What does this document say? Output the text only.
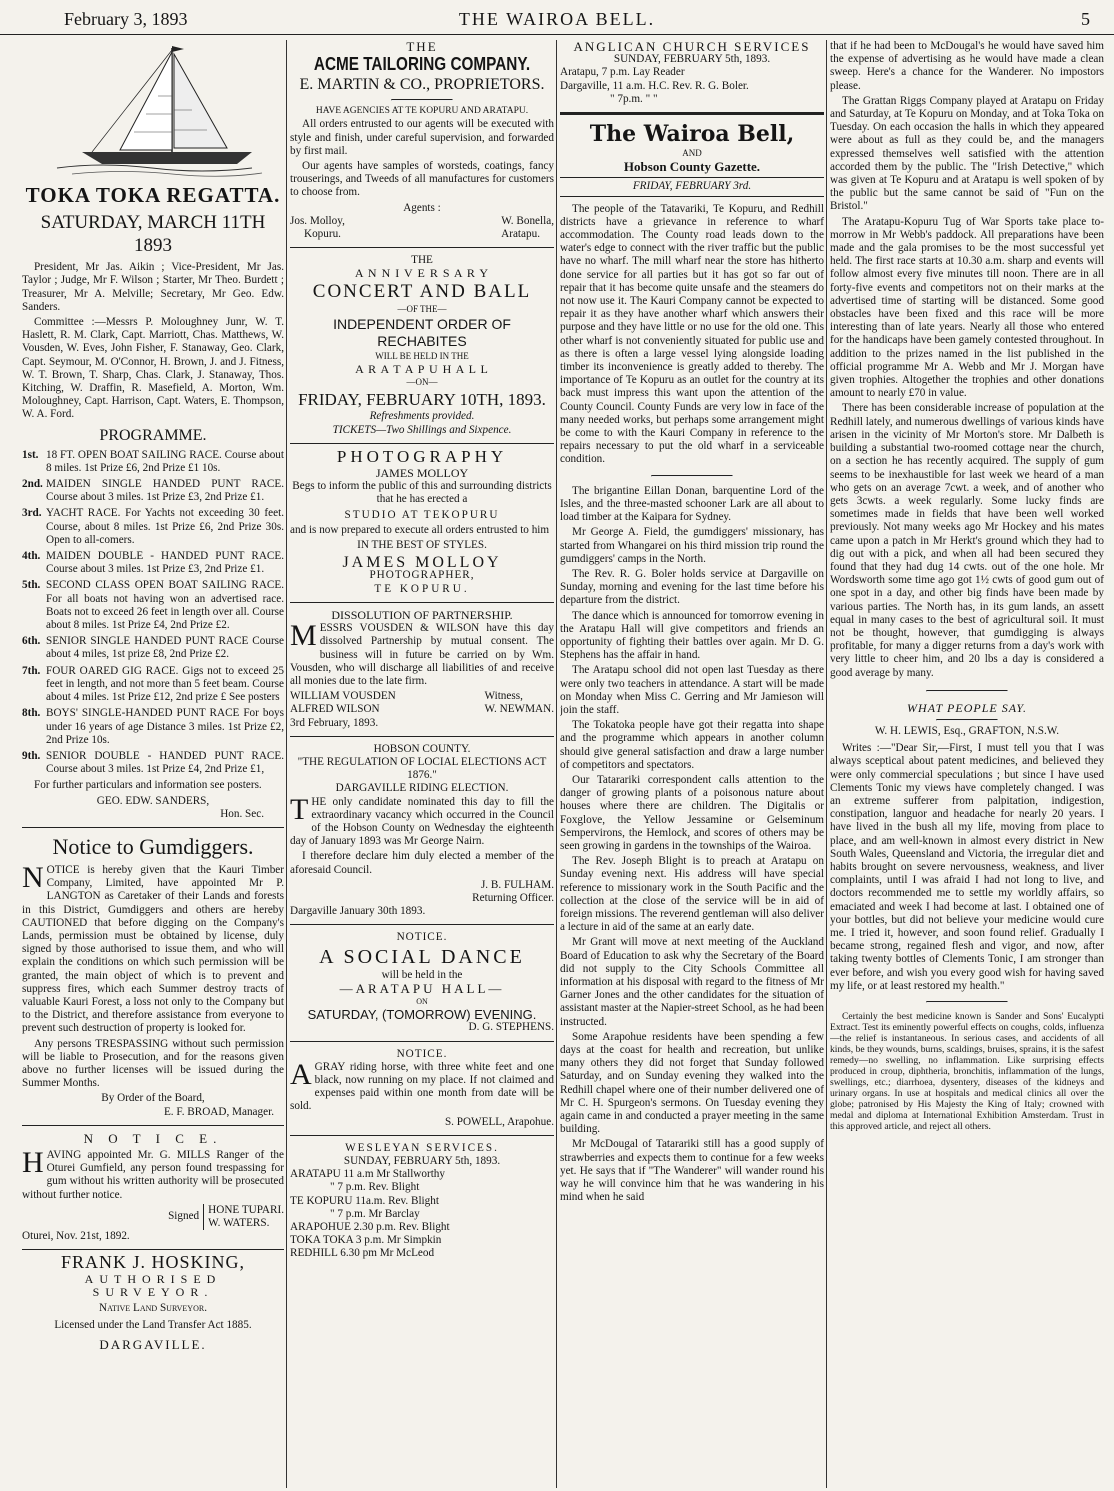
February 3, 1893	THE WAIROA BELL.	5
TOKA TOKA REGATTA.
SATURDAY, MARCH 11TH 1893

President, Mr Jas. Aikin ; Vice-President, Mr Jas. Taylor ; Judge, Mr F. Wilson ; Starter, Mr Theo. Burdett ; Treasurer, Mr A. Melville; Secretary, Mr Geo. Edw. Sanders.

Committee :—Messrs P. Moloughney Junr, W. T. Haslett, R. M. Clark, Capt. Marriott, Chas. Matthews, W. Vousden, W. Eves, John Fisher, F. Stanaway, Geo. Clark, Capt. Seymour, M. O'Connor, H. Brown, J. and J. Fitness, W. T. Brown, T. Sharp, Chas. Clark, J. Stanaway, Thos. Kitching, W. Draffin, R. Masefield, A. Morton, Wm. Moloughney, Capt. Harrison, Capt. Waters, E. Thompson, W. A. Ford.

PROGRAMME.
1st. 18 FT. OPEN BOAT SAILING RACE. Course about 8 miles. 1st Prize £6, 2nd Prize £1 10s.
2nd. MAIDEN SINGLE HANDED PUNT RACE. Course about 3 miles. 1st Prize £3, 2nd Prize £1.
3rd. YACHT RACE. For Yachts not exceeding 30 feet. Course, about 8 miles. 1st Prize £6, 2nd Prize 30s. Open to all-comers.
4th. MAIDEN DOUBLE - HANDED PUNT RACE. Course about 3 miles. 1st Prize £3, 2nd Prize £1.
5th. SECOND CLASS OPEN BOAT SAILING RACE. For all boats not having won an advertised race. Boats not to exceed 26 feet in length over all. Course about 8 miles. 1st Prize £4, 2nd Prize £2.
6th. SENIOR SINGLE HANDED PUNT RACE Course about 4 miles, 1st prize £8, 2nd Prize £2.
7th. FOUR OARED GIG RACE. Gigs not to exceed 25 feet in length, and not more than 5 feet beam. Course about 4 miles. 1st Prize £12, 2nd prize £ See posters
8th. BOYS' SINGLE-HANDED PUNT RACE For boys under 16 years of age Distance 3 miles. 1st Prize £2, 2nd Prize 10s.
9th. SENIOR DOUBLE - HANDED PUNT RACE. Course about 3 miles. 1st Prize £4, 2nd Prize £1,

For further particulars and information see posters.

GEO. EDW. SANDERS,
Hon. Sec.
Notice to Gumdiggers.

NOTICE is hereby given that the Kauri Timber Company, Limited, have appointed Mr P. LANGTON as Caretaker of their Lands and forests in this District, Gumdiggers and others are hereby CAUTIONED that before digging on the Company's Lands, permission must be obtained by license, duly signed by those authorised to issue them, and who will explain the conditions on which such permission will be granted, the main object of which is to prevent and suppress fires, which each Summer destroy tracts of valuable Kauri Forest, a loss not only to the Company but to the District, and therefore assistance from everyone to prevent such destruction of property is looked for.

Any persons TRESPASSING without such permission will be liable to Prosecution, and for the reasons given above no further licenses will be issued during the Summer Months.

By Order of the Board,
E. F. BROAD, Manager.
N O T I C E.

HAVING appointed Mr. G. MILLS Ranger of the Oturei Gumfield, any person found trespassing for gum without his written authority will be prosecuted without further notice.

Signed
HONE TUPARI.
W. WATERS.
Oturei, Nov. 21st, 1892.
FRANK J. HOSKING,
AUTHORISED SURVEYOR.
Native Land Surveyor.
Licensed under the Land Transfer Act 1885.
DARGAVILLE.
THE
ACME TAILORING COMPANY.
E. MARTIN & CO., PROPRIETORS.
HAVE AGENCIES AT TE KOPURU AND ARATAPU.

All orders entrusted to our agents will be executed with style and finish, under careful supervision, and forwarded by first mail.

Our agents have samples of worsteds, coatings, fancy trouserings, and Tweeds of all manufactures for customers to choose from.

Agents :
Jos. Molloy,	W. Bonella,
Kopuru.	Aratapu.
THE
A N N I V E R S A R Y
CONCERT AND BALL
—OF THE—
INDEPENDENT ORDER OF RECHABITES
WILL BE HELD IN THE
A R A T A P U H A L L
—ON—
FRIDAY, FEBRUARY 10TH, 1893.
Refreshments provided.
TICKETS—Two Shillings and Sixpence.
PHOTOGRAPHY
JAMES MOLLOY
Begs to inform the public of this and surrounding districts that he has erected a
STUDIO AT TEKOPURU

and is now prepared to execute all orders entrusted to him

IN THE BEST OF STYLES.
JAMES MOLLOY
PHOTOGRAPHER,
TE KOPURU.
DISSOLUTION OF PARTNERSHIP.

MESSRS VOUSDEN & WILSON have this day dissolved Partnership by mutual consent. The business will in future be carried on by Wm. Vousden, who will discharge all liabilities of and receive all monies due to the late firm.

WILLIAM VOUSDEN
ALFRED WILSON
Witness,
W. NEWMAN.
3rd February, 1893.
HOBSON COUNTY.
"THE REGULATION OF LOCIAL ELECTIONS ACT 1876."
DARGAVILLE RIDING ELECTION.

THE only candidate nominated this day to fill the extraordinary vacancy which occurred in the Council of the Hobson County on Wednesday the eighteenth day of January 1893 was Mr George Nairn.

I therefore declare him duly elected a member of the aforesaid Council.

J. B. FULHAM.
Returning Officer.
Dargaville January 30th 1893.
NOTICE.
A SOCIAL DANCE
will be held in the
—ARATAPU HALL—
ON
SATURDAY, (TOMORROW) EVENING.
D. G. STEPHENS.
NOTICE.

AGRAY riding horse, with three white feet and one black, now running on my place. If not claimed and expenses paid within one month from date will be sold.

S. POWELL, Arapohue.
WESLEYAN SERVICES.
SUNDAY, FEBRUARY 5th, 1893.
ARATAPU 11 a.m Mr Stallworthy
" 7 p.m. Rev. Blight
TE KOPURU 11a.m. Rev. Blight
" 7 p.m. Mr Barclay
ARAPOHUE 2.30 p.m. Rev. Blight
TOKA TOKA 3 p.m. Mr Simpkin
REDHILL 6.30 pm Mr McLeod
ANGLICAN CHURCH SERVICES
SUNDAY, FEBRUARY 5th, 1893.
Aratapu, 7 p.m. Lay Reader
Dargaville, 11 a.m. H.C. Rev. R. G. Boler.
" 7p.m. " "
The Wairoa Bell,
AND
Hobson County Gazette.
FRIDAY, FEBRUARY 3rd.

The people of the Tatavariki, Te Kopuru, and Redhill districts have a grievance in reference to wharf accommodation. The County road leads down to the water's edge to connect with the river traffic but the public have no wharf. The mill wharf near the store has hitherto done service for all parties but it has got so far out of repair that it has become quite unsafe and the steamers do not now use it. The Kauri Company cannot be expected to repair it as they have another wharf which answers their purpose and they have little or no use for the old one. This other wharf is not conveniently situated for public use and as there is often a large vessel lying alongside loading timber its inconvenience is greatly added to thereby. The importance of Te Kopuru as an outlet for the country at its back must impress this want upon the attention of the County Council. County Funds are very low in face of the many needed works, but perhaps some arrangement might be come to with the Kauri Company in reference to the repairs necessary to put the old wharf in a serviceable condition.

The brigantine Eillan Donan, barquentine Lord of the Isles, and the three-masted schooner Lark are all about to load timber at the Kaipara for Sydney.

Mr George A. Field, the gumdiggers' missionary, has started from Whangarei on his third mission trip round the gumdiggers' camps in the North.

The Rev. R. G. Boler holds service at Dargaville on Sunday, morning and evening for the last time before his departure from the district.

The dance which is announced for tomorrow evening in the Aratapu Hall will give competitors and friends an opportunity of fighting their battles over again. Mr D. G. Stephens has the affair in hand.

The Aratapu school did not open last Tuesday as there were only two teachers in attendance. A start will be made on Monday when Miss C. Gerring and Mr Jamieson will join the staff.

The Tokatoka people have got their regatta into shape and the programme which appears in another column should give general satisfaction and draw a large number of competitors and spectators.

Our Tatarariki correspondent calls attention to the danger of growing plants of a poisonous nature about houses where there are children. The Digitalis or Foxglove, the Yellow Jessamine or Gelseminum Sempervirons, the Hemlock, and scores of others may be seen growing in gardens in the townships of the Wairoa.

The Rev. Joseph Blight is to preach at Aratapu on Sunday evening next. His address will have special reference to missionary work in the South Pacific and the collection at the close of the service will be in aid of foreign missions. The reverend gentleman will also deliver a lecture in aid of the same at an early date.

Mr Grant will move at next meeting of the Auckland Board of Education to ask why the Secretary of the Board did not supply to the City Schools Committee all information at his disposal with regard to the fitness of Mr Garner Jones and the other candidates for the situation of assistant master at the Napier-street School, as he had been instructed.

Some Arapohue residents have been spending a few days at the coast for health and recreation, but unlike many others they did not forget that Sunday followed Saturday, and on Sunday evening they walked into the Redhill chapel where one of their number delivered one of Mr C. H. Spurgeon's sermons. On Tuesday evening they again came in and conducted a prayer meeting in the same building.

Mr McDougal of Tatarariki still has a good supply of strawberries and expects them to continue for a few weeks yet. He says that if "The Wanderer" will wander round his way he will convince him that he was wandering in his mind when he said

that if he had been to McDougal's he would have saved him the expense of advertising as he would have made a clean sweep. Here's a chance for the Wanderer. No impostors please.

The Grattan Riggs Company played at Aratapu on Friday and Saturday, at Te Kopuru on Monday, and at Toka Toka on Tuesday. On each occasion the halls in which they appeared were about as full as they could be, and the managers expressed themselves well satisfied with the attention accorded them by the public. The "Irish Detective," which was given at Te Kopuru and at Aratapu is well spoken of by the public but the same cannot be said of "Fun on the Bristol."

The Aratapu-Kopuru Tug of War Sports take place to-morrow in Mr Webb's paddock. All preparations have been made and the gala promises to be the most successful yet held. The first race starts at 10.30 a.m. sharp and events will follow almost every five minutes till noon. There are in all forty-five events and competitors not on their marks at the advertised time of starting will be distanced. Some good obstacles have been fixed and this race will be more interesting than of late years. Nearly all those who entered for the handicaps have been gamely contested throughout. In addition to the prizes named in the list published in the official programme Mr A. Webb and Mr J. Morgan have given trophies. Altogether the trophies and other donations amount to nearly £70 in value.

There has been considerable increase of population at the Redhill lately, and numerous dwellings of various kinds have arisen in the vicinity of Mr Morton's store. Mr Dalbeth is building a substantial two-roomed cottage near the church, on a section he has recently acquired. The supply of gum seems to be inexhaustible for last week we heard of a man who gets on an average 7cwt. a week, and of another who gets 3cwts. a week regularly. Some lucky finds are sometimes made in fields that have been well worked previously. Not many weeks ago Mr Hockey and his mates came upon a patch in Mr Herkt's ground which they had to dig out with a pick, and when all had been secured they found that they had dug 14 cwts. out of the one hole. Mr Wordsworth some time ago got 1½ cwts of good gum out of one spot in a day, and other big finds have been made by various parties. The North has, in its gum lands, an assett equal in many cases to the best of agricultural soil. It must not be thought, however, that gumdigging is always profitable, for many a digger returns from a day's work with very little to cheer him, and 20 lbs a day is considered a good average by many.

WHAT PEOPLE SAY.
W. H. LEWIS, Esq., GRAFTON, N.S.W.

Writes :—"Dear Sir,—First, I must tell you that I was always sceptical about patent medicines, and believed they were only commercial speculations ; but since I have used Clements Tonic my views have completely changed. I was an extreme sufferer from palpitation, indigestion, constipation, languor and headache for nearly 20 years. I have lived in the bush all my life, moving from place to place, and am well-known in almost every district in New South Wales, Queensland and Victoria, the irregular diet and habits brought on severe nervousness, weakness, and liver complaints, until I was afraid I had not long to live, and doctors recommended me to settle my worldly affairs, so emaciated and week I had become at last. I obtained one of your bottles, but did not believe your medicine would cure me. I tried it, however, and soon found relief. Gradually I became strong, regained flesh and vigor, and now, after taking twenty bottles of Clements Tonic, I am stronger than ever before, and wish you every good wish for having saved my life, or at least restored my health."

Certainly the best medicine known is Sander and Sons' Eucalypti Extract. Test its eminently powerful effects on coughs, colds, influenza—the relief is instantaneous. In serious cases, and accidents of all kinds, be they wounds, burns, scaldings, bruises, sprains, it is the safest remedy—no swelling, no inflammation. Like surprising effects produced in croup, diphtheria, bronchitis, inflammation of the lungs, swellings, etc.; diarrhoea, dysentery, diseases of the kidneys and urinary organs. In use at hospitals and medical clinics all over the globe; patronised by His Majesty the King of Italy; crowned with medal and diploma at International Exhibition Amsterdam. Trust in this approved article, and reject all others.
